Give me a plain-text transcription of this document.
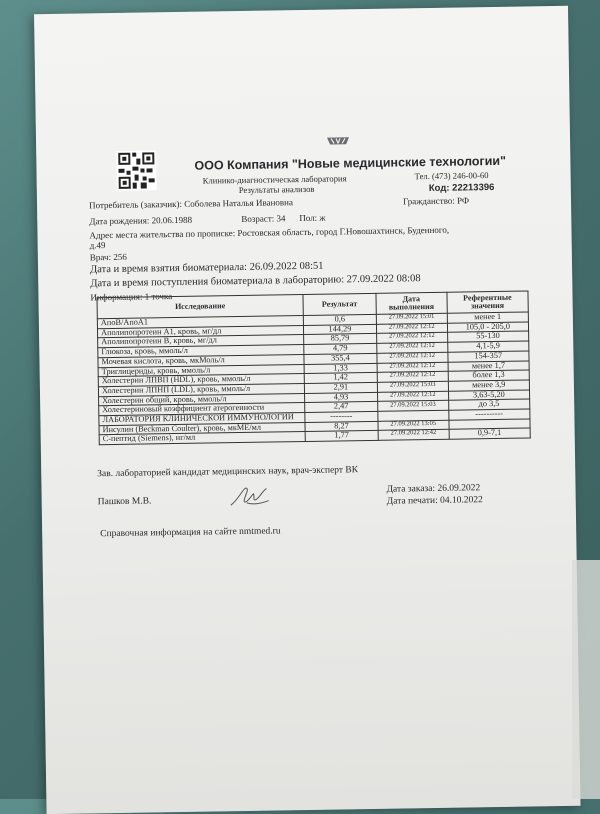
ООО Компания "Новые медицинские технологии"
Клинико-диагностическая лаборатория
Результаты анализов
Тел. (473) 246-00-60
Код: 22213396
Потребитель (заказчик): Соболева Наталья Ивановна	Гражданство: РФ
Дата рождения: 20.06.1988	Возраст: 34 Пол: ж
Адрес места жительства по прописке: Ростовская область, город Г.Новошахтинск, Буденного,
д.49
Врач: 256
Дата и время взятия биоматериала: 26.09.2022 08:51
Дата и время поступления биоматериала в лабораторию: 27.09.2022 08:08
Информация: 1 точка
Исследование	Результат	Дата выполнения	Референтные значения
АпоВ/АпоА1	0,6	27.09.2022 15:01	менее 1
Аполипопротеин А1, кровь, мг/дл	144,29	27.09.2022 12:12	105,0 - 205,0
Аполипопротеин В, кровь, мг/дл	85,79	27.09.2022 12:12	55-130
Глюкоза, кровь, ммоль/л	4,79	27.09.2022 12:12	4,1-5,9
Мочевая кислота, кровь, мкМоль/л	355,4	27.09.2022 12:12	154-357
Триглицериды, кровь, ммоль/л	1,33	27.09.2022 12:12	менее 1,7
Холестерин ЛПВП (HDL), кровь, ммоль/л	1,42	27.09.2022 12:12	более 1,3
Холестерин ЛПНП (LDL), кровь, ммоль/л	2,91	27.09.2022 15:03	менее 3,9
Холестерин общий, кровь, ммоль/л	4,93	27.09.2022 12:12	3,63-5,20
Холестериновый коэффициент атерогенности	2,47	27.09.2022 15:03	до 3,5
ЛАБОРАТОРИЯ КЛИНИЧЕСКОЙ ИММУНОЛОГИИ	--------		----------
Инсулин (Beckman Coulter), кровь, мкМЕ/мл	8,27	27.09.2022 13:05	
С-пептид (Siemens), нг/мл	1,77	27.09.2022 12:42	0,9-7,1
Зав. лабораторией кандидат медицинских наук, врач-эксперт ВК
Пашков М.В.
Дата заказа: 26.09.2022
Дата печати: 04.10.2022
Справочная информация на сайте nmtmed.ru
